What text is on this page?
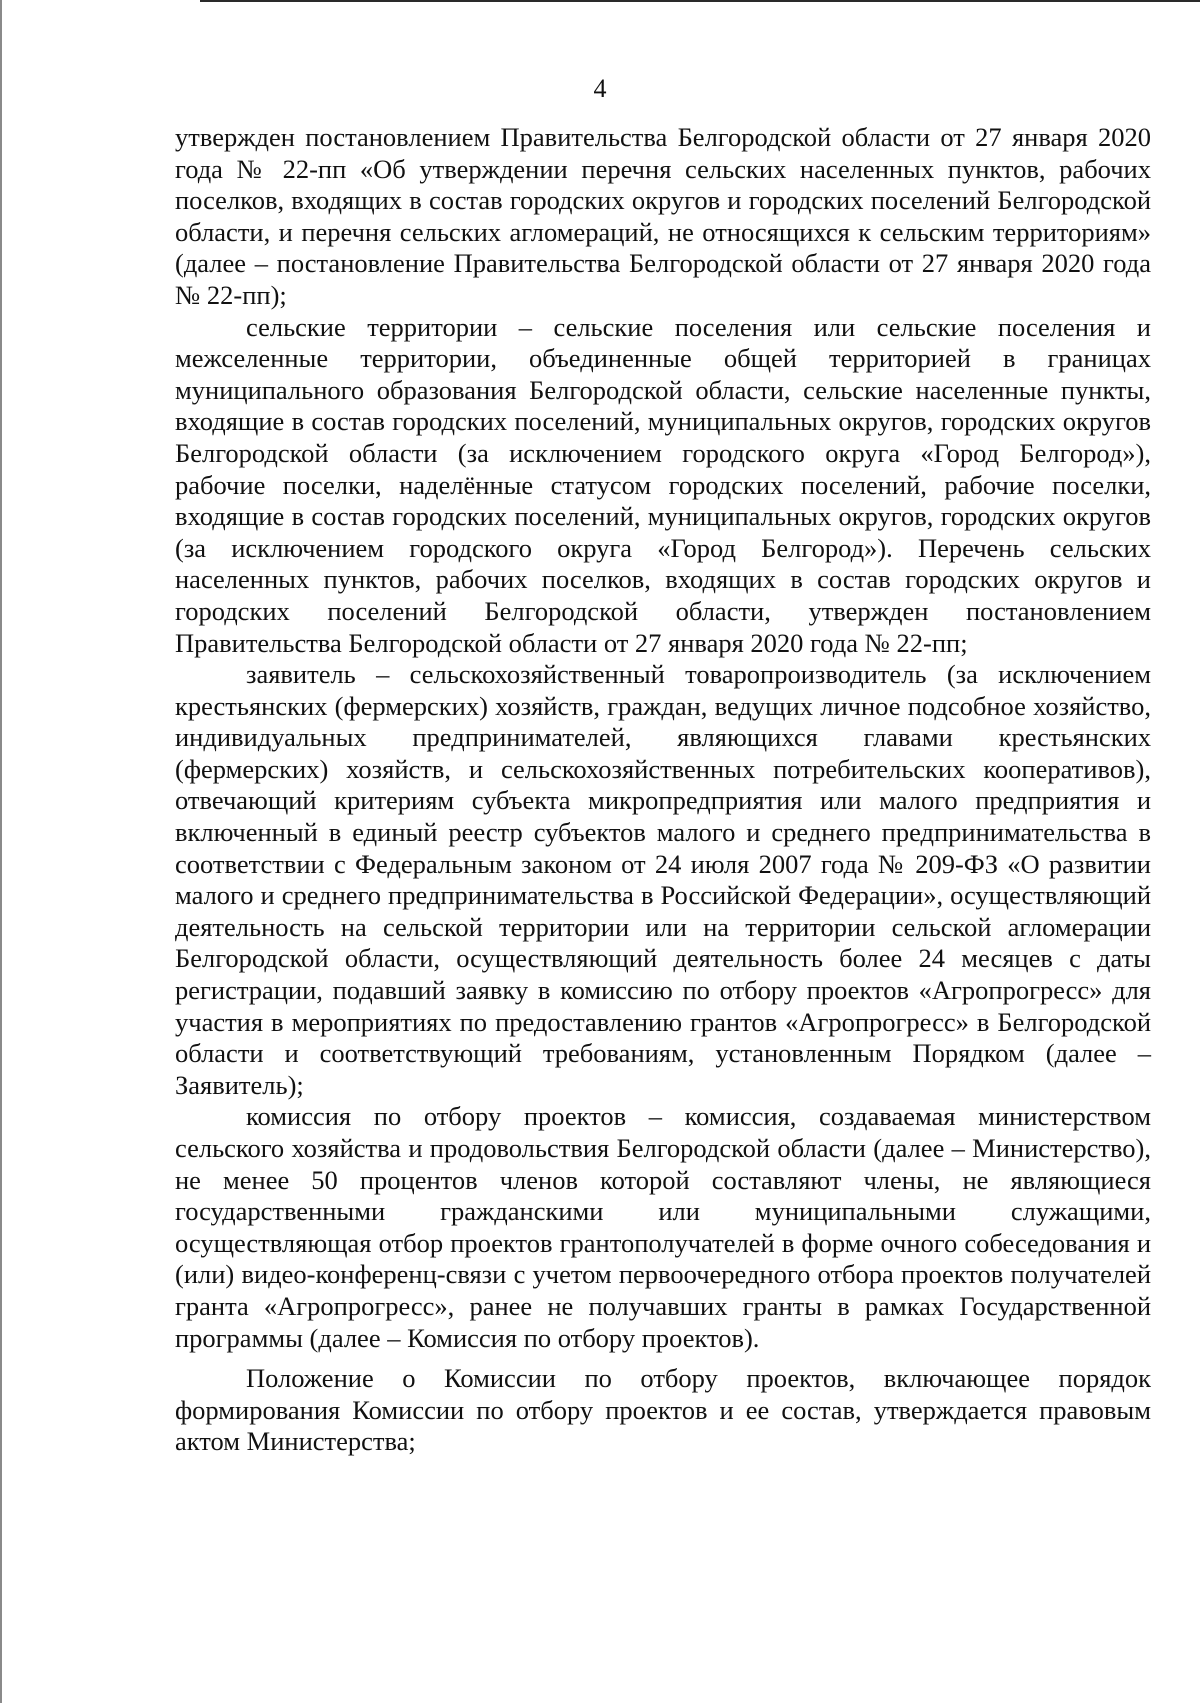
4

утвержден постановлением Правительства Белгородской области от 27 января 2020 года № 22-пп «Об утверждении перечня сельских населенных пунктов, рабочих поселков, входящих в состав городских округов и городских поселений Белгородской области, и перечня сельских агломераций, не относящихся к сельским территориям» (далее – постановление Правительства Белгородской области от 27 января 2020 года № 22-пп);

сельские территории – сельские поселения или сельские поселения и межселенные территории, объединенные общей территорией в границах муниципального образования Белгородской области, сельские населенные пункты, входящие в состав городских поселений, муниципальных округов, городских округов Белгородской области (за исключением городского округа «Город Белгород»), рабочие поселки, наделённые статусом городских поселений, рабочие поселки, входящие в состав городских поселений, муниципальных округов, городских округов (за исключением городского округа «Город Белгород»). Перечень сельских населенных пунктов, рабочих поселков, входящих в состав городских округов и городских поселений Белгородской области, утвержден постановлением Правительства Белгородской области от 27 января 2020 года № 22-пп;

заявитель – сельскохозяйственный товаропроизводитель (за исключением крестьянских (фермерских) хозяйств, граждан, ведущих личное подсобное хозяйство, индивидуальных предпринимателей, являющихся главами крестьянских (фермерских) хозяйств, и сельскохозяйственных потребительских кооперативов), отвечающий критериям субъекта микропредприятия или малого предприятия и включенный в единый реестр субъектов малого и среднего предпринимательства в соответствии с Федеральным законом от 24 июля 2007 года № 209-ФЗ «О развитии малого и среднего предпринимательства в Российской Федерации», осуществляющий деятельность на сельской территории или на территории сельской агломерации Белгородской области, осуществляющий деятельность более 24 месяцев с даты регистрации, подавший заявку в комиссию по отбору проектов «Агропрогресс» для участия в мероприятиях по предоставлению грантов «Агропрогресс» в Белгородской области и соответствующий требованиям, установленным Порядком (далее – Заявитель);

комиссия по отбору проектов – комиссия, создаваемая министерством сельского хозяйства и продовольствия Белгородской области (далее – Министерство), не менее 50 процентов членов которой составляют члены, не являющиеся государственными гражданскими или муниципальными служащими, осуществляющая отбор проектов грантополучателей в форме очного собеседования и (или) видео-конференц-связи с учетом первоочередного отбора проектов получателей гранта «Агропрогресс», ранее не получавших гранты в рамках Государственной программы (далее – Комиссия по отбору проектов).

Положение о Комиссии по отбору проектов, включающее порядок формирования Комиссии по отбору проектов и ее состав, утверждается правовым актом Министерства;
